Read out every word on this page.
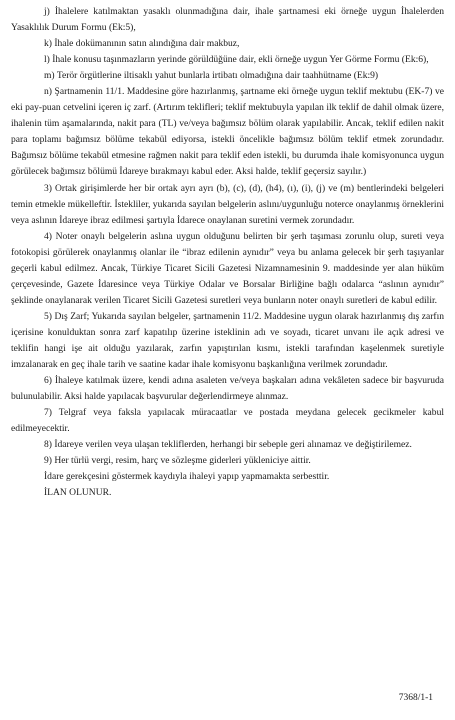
j) İhalelere katılmaktan yasaklı olunmadığına dair, ihale şartnamesi eki örneğe uygun İhalelerden Yasaklılık Durum Formu (Ek:5),

k) İhale dokümanının satın alındığına dair makbuz,

l) İhale konusu taşınmazların yerinde görüldüğüne dair, ekli örneğe uygun Yer Görme Formu (Ek:6),

m) Terör örgütlerine iltisaklı yahut bunlarla irtibatı olmadığına dair taahhütname (Ek:9)

n) Şartnamenin 11/1. Maddesine göre hazırlanmış, şartname eki örneğe uygun teklif mektubu (EK-7) ve eki pay-puan cetvelini içeren iç zarf. (Artırım teklifleri; teklif mektubuyla yapılan ilk teklif de dahil olmak üzere, ihalenin tüm aşamalarında, nakit para (TL) ve/veya bağımsız bölüm olarak yapılabilir. Ancak, teklif edilen nakit para toplamı bağımsız bölüme tekabül ediyorsa, istekli öncelikle bağımsız bölüm teklif etmek zorundadır. Bağımsız bölüme tekabül etmesine rağmen nakit para teklif eden istekli, bu durumda ihale komisyonunca uygun görülecek bağımsız bölümü İdareye bırakmayı kabul eder. Aksi halde, teklif geçersiz sayılır.)

3) Ortak girişimlerde her bir ortak ayrı ayrı (b), (c), (d), (h4), (ı), (i), (j) ve (m) bentlerindeki belgeleri temin etmekle mükelleftir. İstekliler, yukarıda sayılan belgelerin aslını/uygunluğu noterce onaylanmış örneklerini veya aslının İdareye ibraz edilmesi şartıyla İdarece onaylanan suretini vermek zorundadır.

4) Noter onaylı belgelerin aslına uygun olduğunu belirten bir şerh taşıması zorunlu olup, sureti veya fotokopisi görülerek onaylanmış olanlar ile “ibraz edilenin aynıdır” veya bu anlama gelecek bir şerh taşıyanlar geçerli kabul edilmez. Ancak, Türkiye Ticaret Sicili Gazetesi Nizamnamesinin 9. maddesinde yer alan hüküm çerçevesinde, Gazete İdaresince veya Türkiye Odalar ve Borsalar Birliğine bağlı odalarca “aslının aynıdır” şeklinde onaylanarak verilen Ticaret Sicili Gazetesi suretleri veya bunların noter onaylı suretleri de kabul edilir.

5) Dış Zarf; Yukarıda sayılan belgeler, şartnamenin 11/2. Maddesine uygun olarak hazırlanmış dış zarfın içerisine konulduktan sonra zarf kapatılıp üzerine isteklinin adı ve soyadı, ticaret unvanı ile açık adresi ve teklifin hangi işe ait olduğu yazılarak, zarfın yapıştırılan kısmı, istekli tarafından kaşelenmek suretiyle imzalanarak en geç ihale tarih ve saatine kadar ihale komisyonu başkanlığına verilmek zorundadır.

6) İhaleye katılmak üzere, kendi adına asaleten ve/veya başkaları adına vekâleten sadece bir başvuruda bulunulabilir. Aksi halde yapılacak başvurular değerlendirmeye alınmaz.

7) Telgraf veya faksla yapılacak müracaatlar ve postada meydana gelecek gecikmeler kabul edilmeyecektir.

8) İdareye verilen veya ulaşan tekliflerden, herhangi bir sebeple geri alınamaz ve değiştirilemez.

9) Her türlü vergi, resim, harç ve sözleşme giderleri yükleniciye aittir.

İdare gerekçesini göstermek kaydıyla ihaleyi yapıp yapmamakta serbesttir.

İLAN OLUNUR.

7368/1-1
